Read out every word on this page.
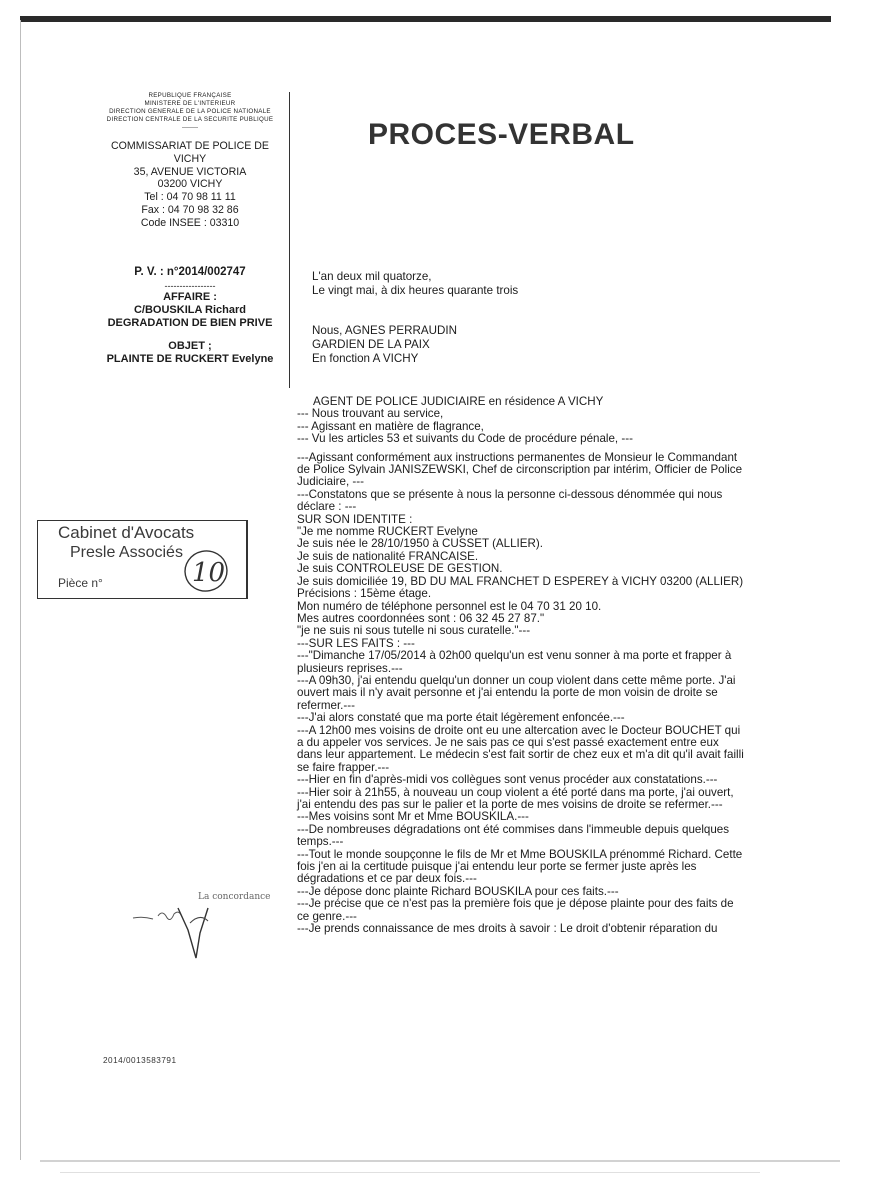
REPUBLIQUE FRANÇAISE
MINISTERE DE L'INTERIEUR
DIRECTION GENERALE DE LA POLICE NATIONALE
DIRECTION CENTRALE DE LA SECURITE PUBLIQUE
--------
COMMISSARIAT DE POLICE DE
VICHY
35, AVENUE VICTORIA
03200 VICHY
Tel : 04 70 98 11 11
Fax : 04 70 98 32 86
Code INSEE : 03310
P. V. : n°2014/002747
-----------------
AFFAIRE :
C/BOUSKILA Richard
DEGRADATION DE BIEN PRIVE
OBJET ;
PLAINTE DE RUCKERT Evelyne
PROCES-VERBAL
L'an deux mil quatorze,
Le vingt mai, à dix heures quarante trois
Nous, AGNES PERRAUDIN
GARDIEN DE LA PAIX
En fonction A VICHY
AGENT DE POLICE JUDICIAIRE en résidence A VICHY
--- Nous trouvant au service,
--- Agissant en matière de flagrance,
--- Vu les articles 53 et suivants du Code de procédure pénale, ---
---Agissant conformément aux instructions permanentes de Monsieur le Commandant de Police Sylvain JANISZEWSKI, Chef de circonscription par intérim, Officier de Police Judiciaire, ---
---Constatons que se présente à nous la personne ci-dessous dénommée qui nous déclare : ---
SUR SON IDENTITE :
"Je me nomme RUCKERT Evelyne
Je suis née le 28/10/1950 à CUSSET (ALLIER).
Je suis de nationalité FRANCAISE.
Je suis CONTROLEUSE DE GESTION.
Je suis domiciliée 19, BD DU MAL FRANCHET D ESPEREY à VICHY 03200 (ALLIER)
Précisions : 15ème étage.
Mon numéro de téléphone personnel est le 04 70 31 20 10.
Mes autres coordonnées sont : 06 32 45 27 87."
"je ne suis ni sous tutelle ni sous curatelle."---
---SUR LES FAITS : ---
---"Dimanche 17/05/2014 à 02h00 quelqu'un est venu sonner à ma porte et frapper à plusieurs reprises.---
---A 09h30, j'ai entendu quelqu'un donner un coup violent dans cette même porte. J'ai ouvert mais il n'y avait personne et j'ai entendu la porte de mon voisin de droite se refermer.---
---J'ai alors constaté que ma porte était légèrement enfoncée.---
---A 12h00 mes voisins de droite ont eu une altercation avec le Docteur BOUCHET qui a du appeler vos services. Je ne sais pas ce qui s'est passé exactement entre eux dans leur appartement. Le médecin s'est fait sortir de chez eux et m'a dit qu'il avait failli se faire frapper.---
---Hier en fin d'après-midi vos collègues sont venus procéder aux constatations.---
---Hier soir à 21h55, à nouveau un coup violent a été porté dans ma porte, j'ai ouvert, j'ai entendu des pas sur le palier et la porte de mes voisins de droite se refermer.---
---Mes voisins sont Mr et Mme BOUSKILA.---
---De nombreuses dégradations ont été commises dans l'immeuble depuis quelques temps.---
---Tout le monde soupçonne le fils de Mr et Mme BOUSKILA prénommé Richard. Cette fois j'en ai la certitude puisque j'ai entendu leur porte se fermer juste après les dégradations et ce par deux fois.---
---Je dépose donc plainte Richard BOUSKILA pour ces faits.---
---Je précise que ce n'est pas la première fois que je dépose plainte pour des faits de ce genre.---
---Je prends connaissance de mes droits à savoir : Le droit d'obtenir réparation du
Cabinet d'Avocats
Presle Associés
Pièce n°	10
La concordance
2014/0013583791
